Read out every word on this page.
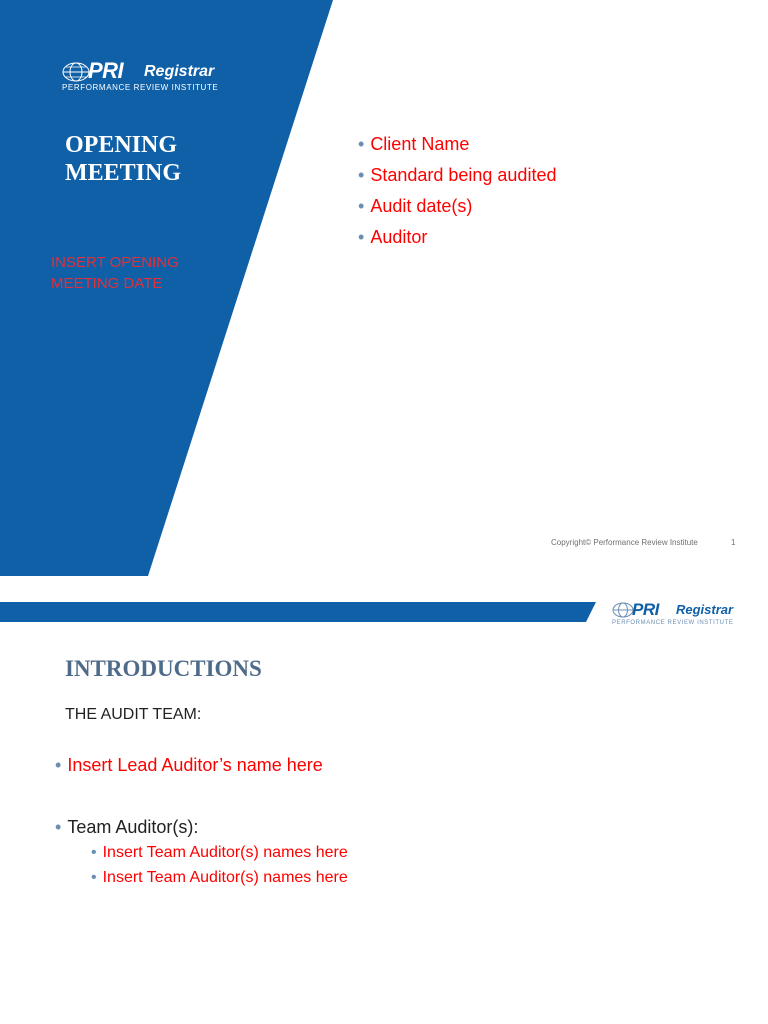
PRI Registrar
PERFORMANCE REVIEW INSTITUTE
OPENING
MEETING
INSERT OPENING
MEETING DATE
• Client Name
• Standard being audited
• Audit date(s)
• Auditor
Copyright© Performance Review Institute	1
PRI Registrar
PERFORMANCE REVIEW INSTITUTE
INTRODUCTIONS
THE AUDIT TEAM:
• Insert Lead Auditor’s name here
• Team Auditor(s):
• Insert Team Auditor(s) names here
• Insert Team Auditor(s) names here
